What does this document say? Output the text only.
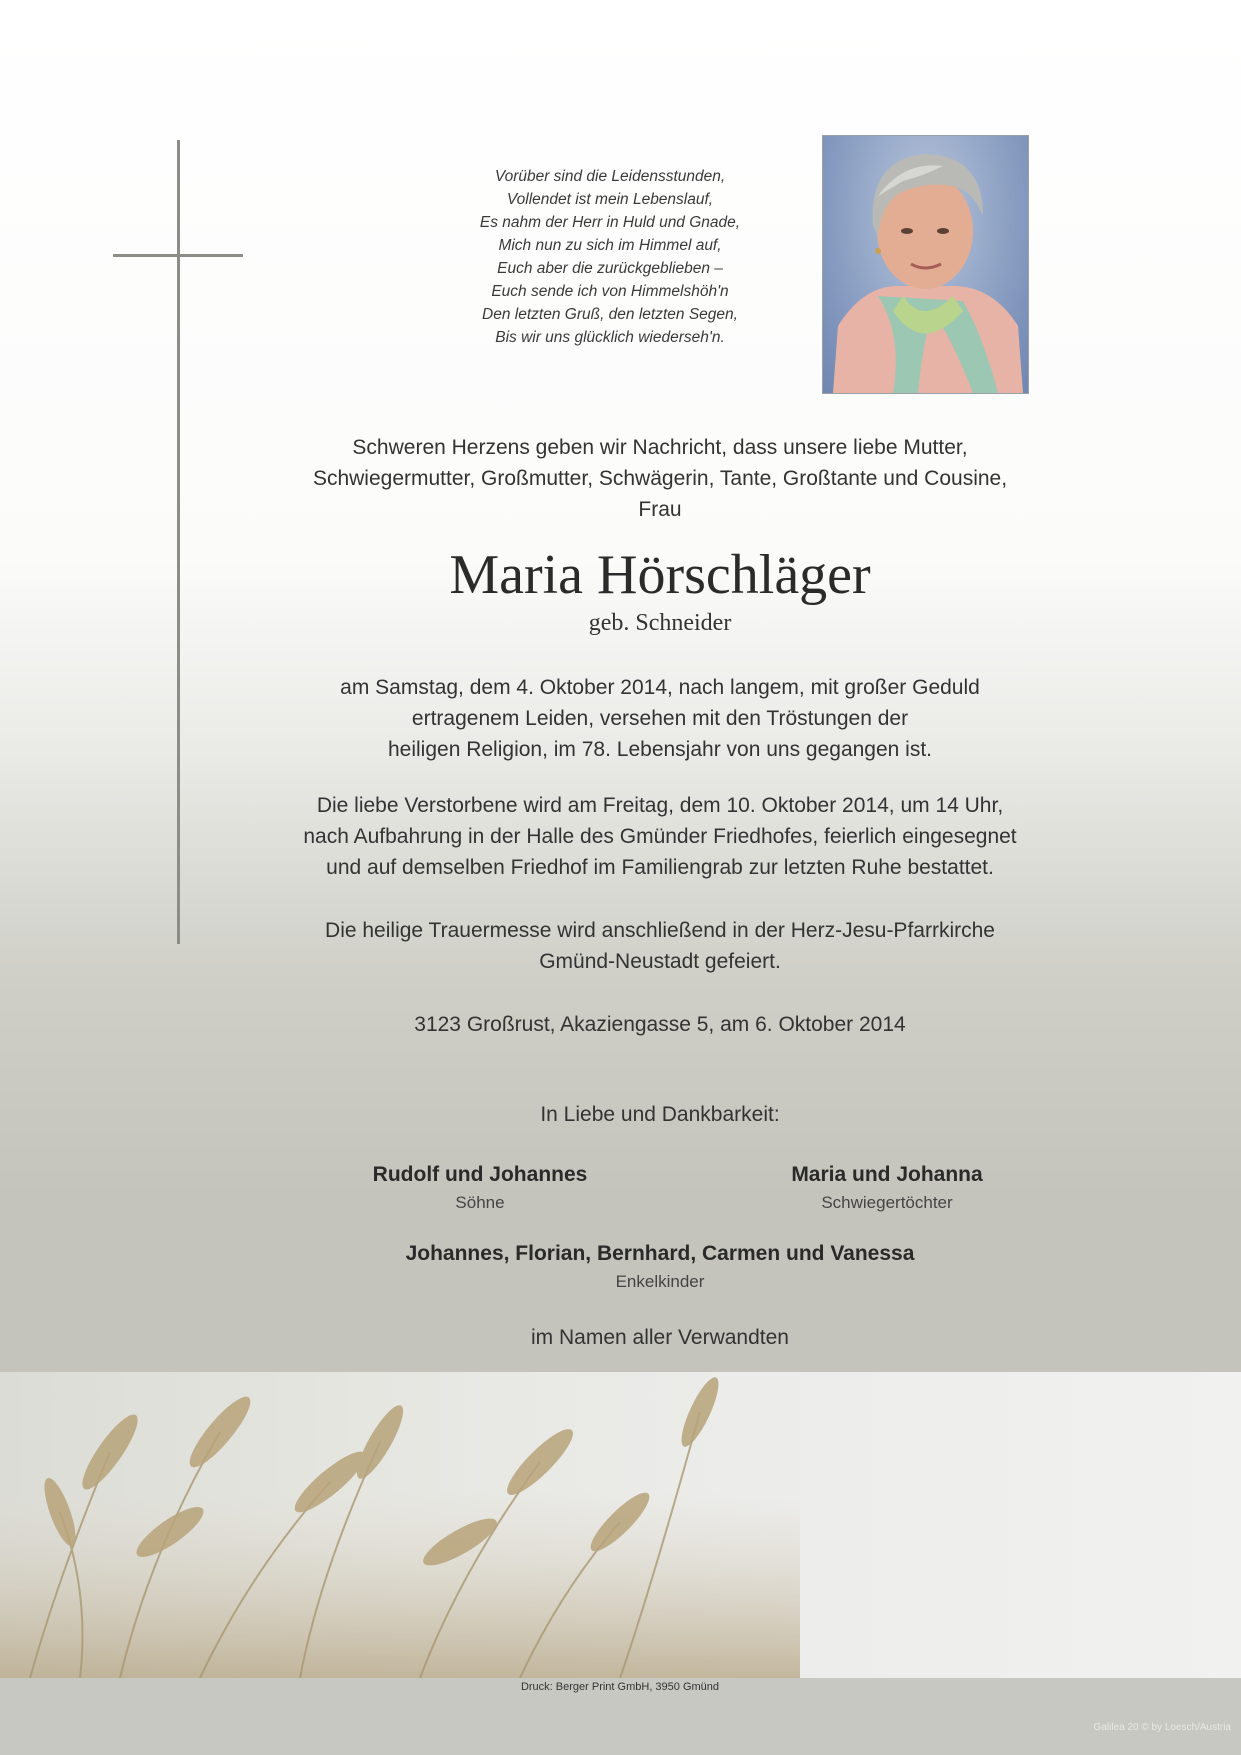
Vorüber sind die Leidensstunden,
Vollendet ist mein Lebenslauf,
Es nahm der Herr in Huld und Gnade,
Mich nun zu sich im Himmel auf,
Euch aber die zurückgeblieben –
Euch sende ich von Himmelshöh'n
Den letzten Gruß, den letzten Segen,
Bis wir uns glücklich wiederseh'n.
Schweren Herzens geben wir Nachricht, dass unsere liebe Mutter,
Schwiegermutter, Großmutter, Schwägerin, Tante, Großtante und Cousine,
Frau
Maria Hörschläger
geb. Schneider
am Samstag, dem 4. Oktober 2014, nach langem, mit großer Geduld
ertragenem Leiden, versehen mit den Tröstungen der
heiligen Religion, im 78. Lebensjahr von uns gegangen ist.
Die liebe Verstorbene wird am Freitag, dem 10. Oktober 2014, um 14 Uhr,
nach Aufbahrung in der Halle des Gmünder Friedhofes, feierlich eingesegnet
und auf demselben Friedhof im Familiengrab zur letzten Ruhe bestattet.
Die heilige Trauermesse wird anschließend in der Herz-Jesu-Pfarrkirche
Gmünd-Neustadt gefeiert.
3123 Großrust, Akaziengasse 5, am 6. Oktober 2014
In Liebe und Dankbarkeit:
Rudolf und Johannes
Söhne
Maria und Johanna
Schwiegertöchter
Johannes, Florian, Bernhard, Carmen und Vanessa
Enkelkinder
im Namen aller Verwandten
Druck: Berger Print GmbH, 3950 Gmünd
Galilea 20 © by Loesch/Austria
